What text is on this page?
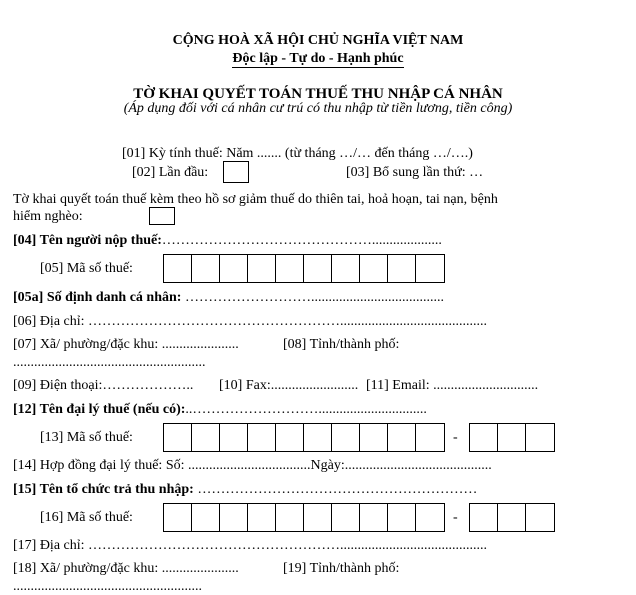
CỘNG HOÀ XÃ HỘI CHỦ NGHĨA VIỆT NAM
Độc lập - Tự do - Hạnh phúc
TỜ KHAI QUYẾT TOÁN THUẾ THU NHẬP CÁ NHÂN
(Áp dụng đối với cá nhân cư trú có thu nhập từ tiền lương, tiền công)
[01] Kỳ tính thuế: Năm ....... (từ tháng …/… đến tháng …/….)
[02] Lần đầu:	[03] Bổ sung lần thứ: …
Tờ khai quyết toán thuế kèm theo hồ sơ giảm thuế do thiên tai, hoả hoạn, tai nạn, bệnh
hiểm nghèo:
[04] Tên người nộp thuế:………………………………………....................
[05] Mã số thuế:
[05a] Số định danh cá nhân: ………………………......................................
[06] Địa chỉ: ………………………………………………..........................................
[07] Xã/ phường/đặc khu: ......................	[08] Tỉnh/thành phố:
.......................................................
[09] Điện thoại:……………….. [10] Fax:......................... [11] Email: ..............................
[12] Tên đại lý thuế (nếu có):..………………………...............................
[13] Mã số thuế:	-
[14] Hợp đồng đại lý thuế: Số: ...................................Ngày:..........................................
[15] Tên tổ chức trả thu nhập: ……………………………………………………
[16] Mã số thuế:	-
[17] Địa chỉ: ………………………………………………..........................................
[18] Xã/ phường/đặc khu: ......................	[19] Tỉnh/thành phố:
......................................................
